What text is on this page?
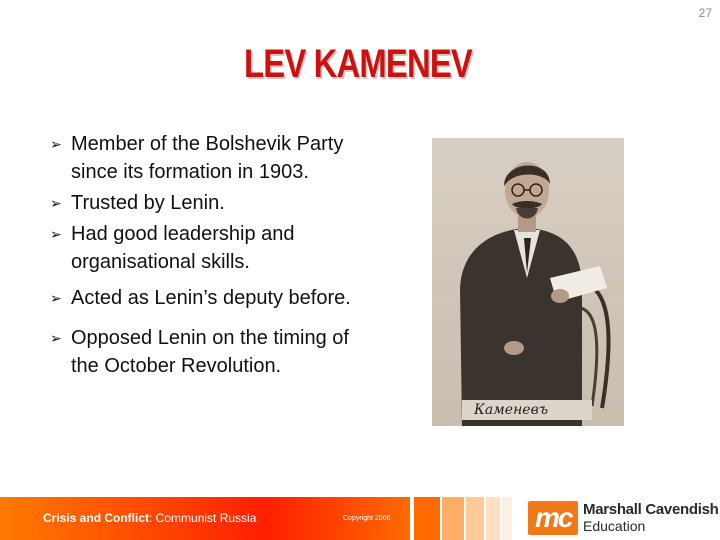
27
LEV KAMENEV
➢ Member of the Bolshevik Party since its formation in 1903.
➢ Trusted by Lenin.
➢ Had good leadership and organisational skills.
➢ Acted as Lenin’s deputy before.
➢ Opposed Lenin on the timing of the October Revolution.
Каменевъ
Crisis and Conflict: Communist Russia	Copyright 2006	mc Marshall Cavendish
Education
